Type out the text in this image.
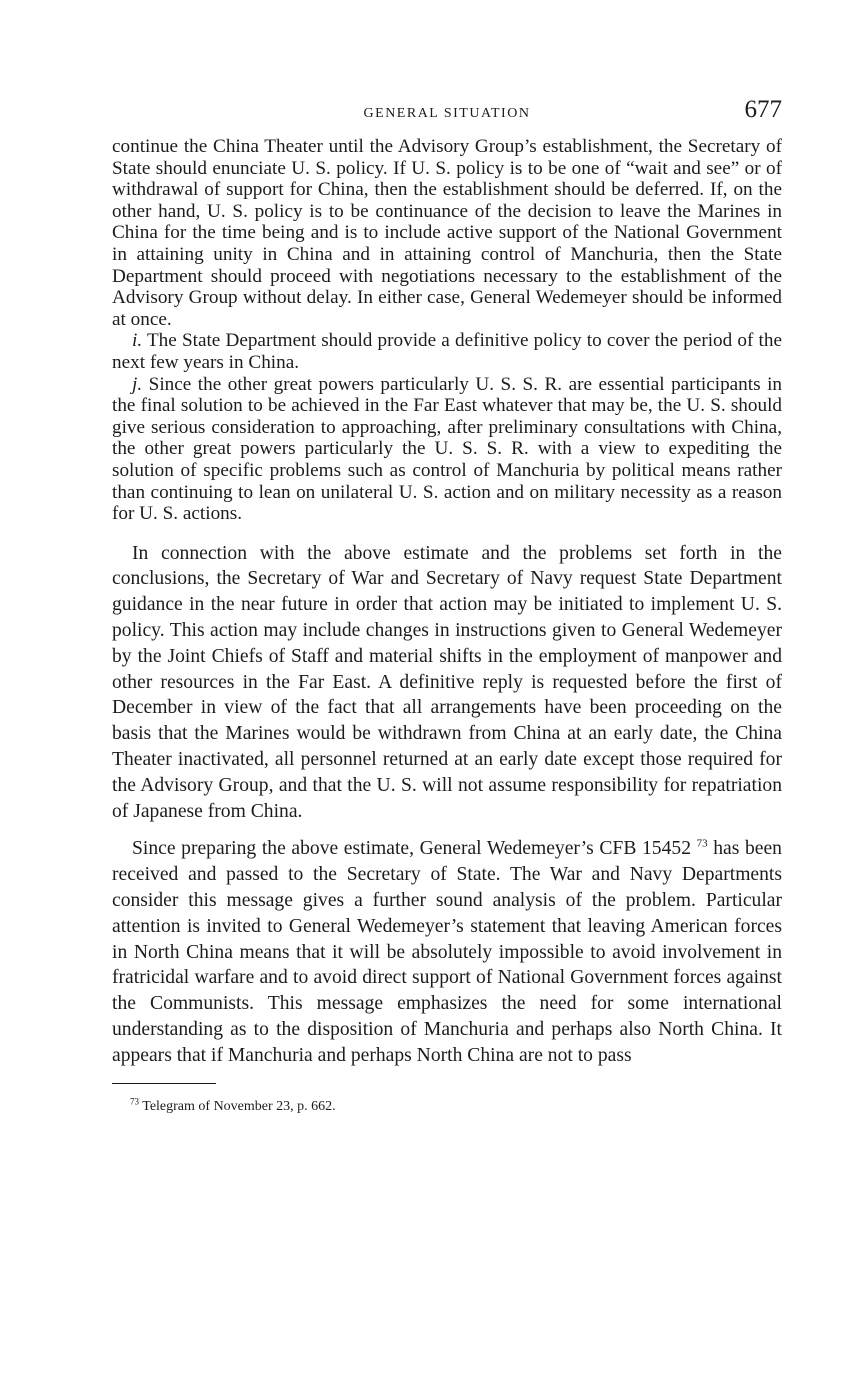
GENERAL SITUATION	677

continue the China Theater until the Advisory Group’s establishment, the Secretary of State should enunciate U. S. policy. If U. S. policy is to be one of “wait and see” or of withdrawal of support for China, then the establishment should be deferred. If, on the other hand, U. S. policy is to be continuance of the decision to leave the Marines in China for the time being and is to include active support of the National Government in attaining unity in China and in attaining control of Manchuria, then the State Department should proceed with negotiations necessary to the establishment of the Advisory Group without delay. In either case, General Wedemeyer should be informed at once.

i. The State Department should provide a definitive policy to cover the period of the next few years in China.

j. Since the other great powers particularly U. S. S. R. are essential participants in the final solution to be achieved in the Far East whatever that may be, the U. S. should give serious consideration to approaching, after preliminary consultations with China, the other great powers particularly the U. S. S. R. with a view to expediting the solution of specific problems such as control of Manchuria by political means rather than continuing to lean on unilateral U. S. action and on military necessity as a reason for U. S. actions.

In connection with the above estimate and the problems set forth in the conclusions, the Secretary of War and Secretary of Navy request State Department guidance in the near future in order that action may be initiated to implement U. S. policy. This action may include changes in instructions given to General Wedemeyer by the Joint Chiefs of Staff and material shifts in the employment of manpower and other resources in the Far East. A definitive reply is requested before the first of December in view of the fact that all arrangements have been proceeding on the basis that the Marines would be withdrawn from China at an early date, the China Theater inactivated, all personnel returned at an early date except those required for the Advisory Group, and that the U. S. will not assume responsibility for repatriation of Japanese from China.

Since preparing the above estimate, General Wedemeyer’s CFB 15452 $^{73}$ has been received and passed to the Secretary of State. The War and Navy Departments consider this message gives a further sound analysis of the problem. Particular attention is invited to General Wedemeyer’s statement that leaving American forces in North China means that it will be absolutely impossible to avoid involvement in fratricidal warfare and to avoid direct support of National Government forces against the Communists. This message emphasizes the need for some international understanding as to the disposition of Manchuria and perhaps also North China. It appears that if Manchuria and perhaps North China are not to pass

$^{73}$ Telegram of November 23, p. 662.
